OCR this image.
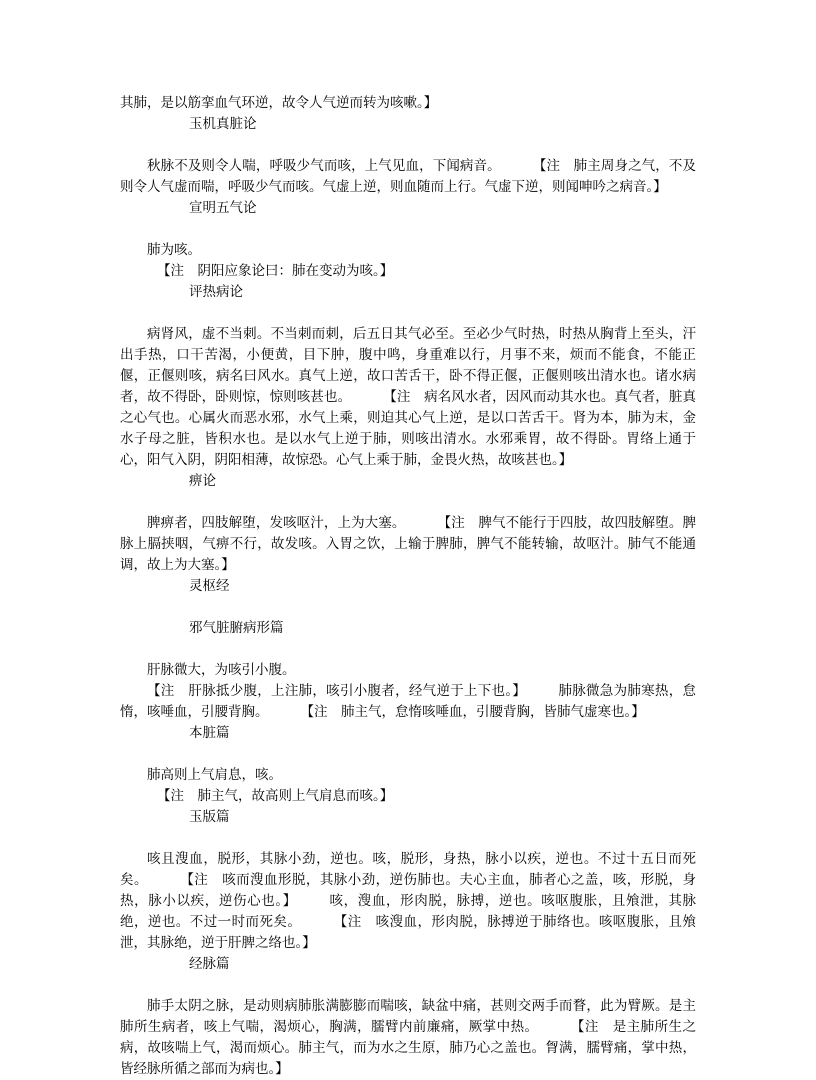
其肺，是以筋挛血气环逆，故令人气逆而转为咳嗽。】

玉机真脏论

秋脉不及则令人喘，呼吸少气而咳，上气见血，下闻病音。 【注　肺主周身之气，不及则令人气虚而喘，呼吸少气而咳。气虚上逆，则血随而上行。气虚下逆，则闻呻吟之病音。】

宣明五气论

肺为咳。

【注　阴阳应象论曰：肺在变动为咳。】

评热病论

病肾风，虚不当刺。不当刺而刺，后五日其气必至。至必少气时热，时热从胸背上至头，汗出手热，口干苦渴，小便黄，目下肿，腹中鸣，身重难以行，月事不来，烦而不能食，不能正偃，正偃则咳，病名曰风水。真气上逆，故口苦舌干，卧不得正偃，正偃则咳出清水也。诸水病者，故不得卧，卧则惊，惊则咳甚也。 【注　病名风水者，因风而动其水也。真气者，脏真之心气也。心属火而恶水邪，水气上乘，则迫其心气上逆，是以口苦舌干。肾为本，肺为末，金水子母之脏，皆积水也。是以水气上逆于肺，则咳出清水。水邪乘胃，故不得卧。胃络上通于心，阳气入阴，阴阳相薄，故惊恐。心气上乘于肺，金畏火热，故咳甚也。】

痹论

脾痹者，四肢解堕，发咳呕汁，上为大塞。 【注　脾气不能行于四肢，故四肢解堕。脾脉上膈挟咽，气痹不行，故发咳。入胃之饮，上输于脾肺，脾气不能转输，故呕汁。肺气不能通调，故上为大塞。】

灵枢经
邪气脏腑病形篇

肝脉微大，为咳引小腹。

【注　肝脉抵少腹，上注肺，咳引小腹者，经气逆于上下也。】 肺脉微急为肺寒热，怠惰，咳唾血，引腰背胸。 【注　肺主气，怠惰咳唾血，引腰背胸，皆肺气虚寒也。】

本脏篇

肺高则上气肩息，咳。

【注　肺主气，故高则上气肩息而咳。】

玉版篇

咳且溲血，脱形，其脉小劲，逆也。咳，脱形，身热，脉小以疾，逆也。不过十五日而死矣。 【注　咳而溲血形脱，其脉小劲，逆伤肺也。夫心主血，肺者心之盖，咳，形脱，身热，脉小以疾，逆伤心也。】 咳，溲血，形肉脱，脉搏，逆也。咳呕腹胀，且飧泄，其脉绝，逆也。不过一时而死矣。 【注　咳溲血，形肉脱，脉搏逆于肺络也。咳呕腹胀，且飧泄，其脉绝，逆于肝脾之络也。】

经脉篇

肺手太阴之脉，是动则病肺胀满膨膨而喘咳，缺盆中痛，甚则交两手而瞀，此为臂厥。是主肺所生病者，咳上气喘，渴烦心，胸满，臑臂内前廉痛，厥掌中热。 【注　是主肺所生之病，故咳喘上气，渴而烦心。肺主气，而为水之生原，肺乃心之盖也。胷满，臑臂痛，掌中热，皆经脉所循之部而为病也。】
